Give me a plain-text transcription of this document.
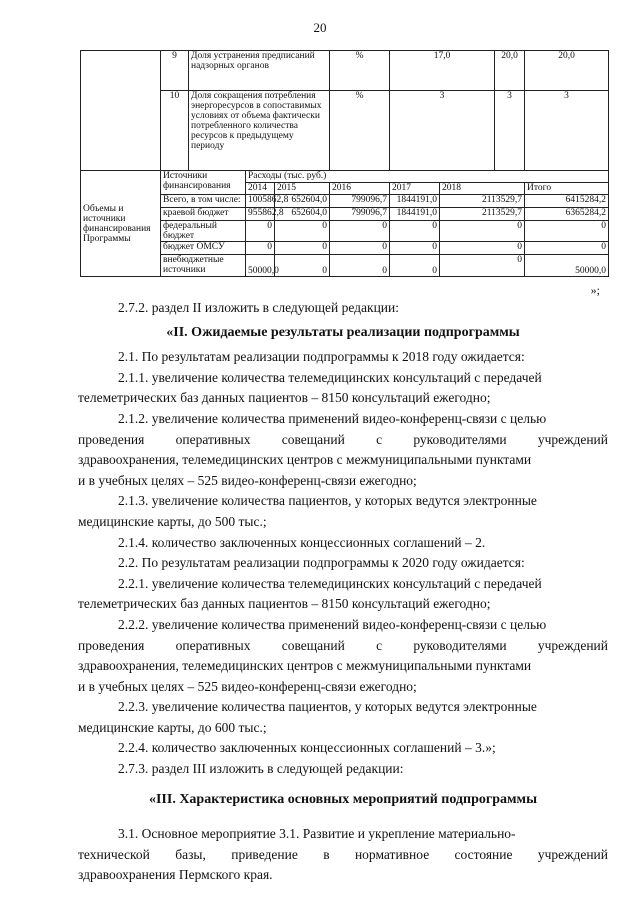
20
	9	Доля устранения предписаний надзорных органов			%	17,0		20,0	20,0
	10	Доля сокращения потребления энергоресурсов в сопоставимых условиях от объема фактически потребленного количества ресурсов к предыдущему периоду			%	3		3	3
Объемы и источники финансирования Программы	Источники финансирования		Расходы (тыс. руб.)						
			2014	2015	2016	2017	2018		Итого
	Всего, в том числе:		1005862,8	652604,0	799096,7	1844191,0	2113529,7		6415284,2
	краевой бюджет		955862,8	652604,0	799096,7	1844191,0	2113529,7		6365284,2
	федеральный бюджет		0	0	0	0	0		0
	бюджет ОМСУ		0	0	0	0	0		0
	внебюджетные источники		50000,0	0	0	0	0		50000,0
»;
2.7.2. раздел II изложить в следующей редакции:
«II. Ожидаемые результаты реализации подпрограммы
2.1. По результатам реализации подпрограммы к 2018 году ожидается:
2.1.1. увеличение количества телемедицинских консультаций с передачей
телеметрических баз данных пациентов – 8150 консультаций ежегодно;
2.1.2. увеличение количества применений видео-конференц-связи с целью
проведения оперативных совещаний с руководителями учреждений
здравоохранения, телемедицинских центров с межмуниципальными пунктами
и в учебных целях – 525 видео-конференц-связи ежегодно;
2.1.3. увеличение количества пациентов, у которых ведутся электронные
медицинские карты, до 500 тыс.;
2.1.4. количество заключенных концессионных соглашений – 2.
2.2. По результатам реализации подпрограммы к 2020 году ожидается:
2.2.1. увеличение количества телемедицинских консультаций с передачей
телеметрических баз данных пациентов – 8150 консультаций ежегодно;
2.2.2. увеличение количества применений видео-конференц-связи с целью
проведения оперативных совещаний с руководителями учреждений
здравоохранения, телемедицинских центров с межмуниципальными пунктами
и в учебных целях – 525 видео-конференц-связи ежегодно;
2.2.3. увеличение количества пациентов, у которых ведутся электронные
медицинские карты, до 600 тыс.;
2.2.4. количество заключенных концессионных соглашений – 3.»;
2.7.3. раздел III изложить в следующей редакции:
«III. Характеристика основных мероприятий подпрограммы
3.1. Основное мероприятие 3.1. Развитие и укрепление материально-
технической базы, приведение в нормативное состояние учреждений
здравоохранения Пермского края.
